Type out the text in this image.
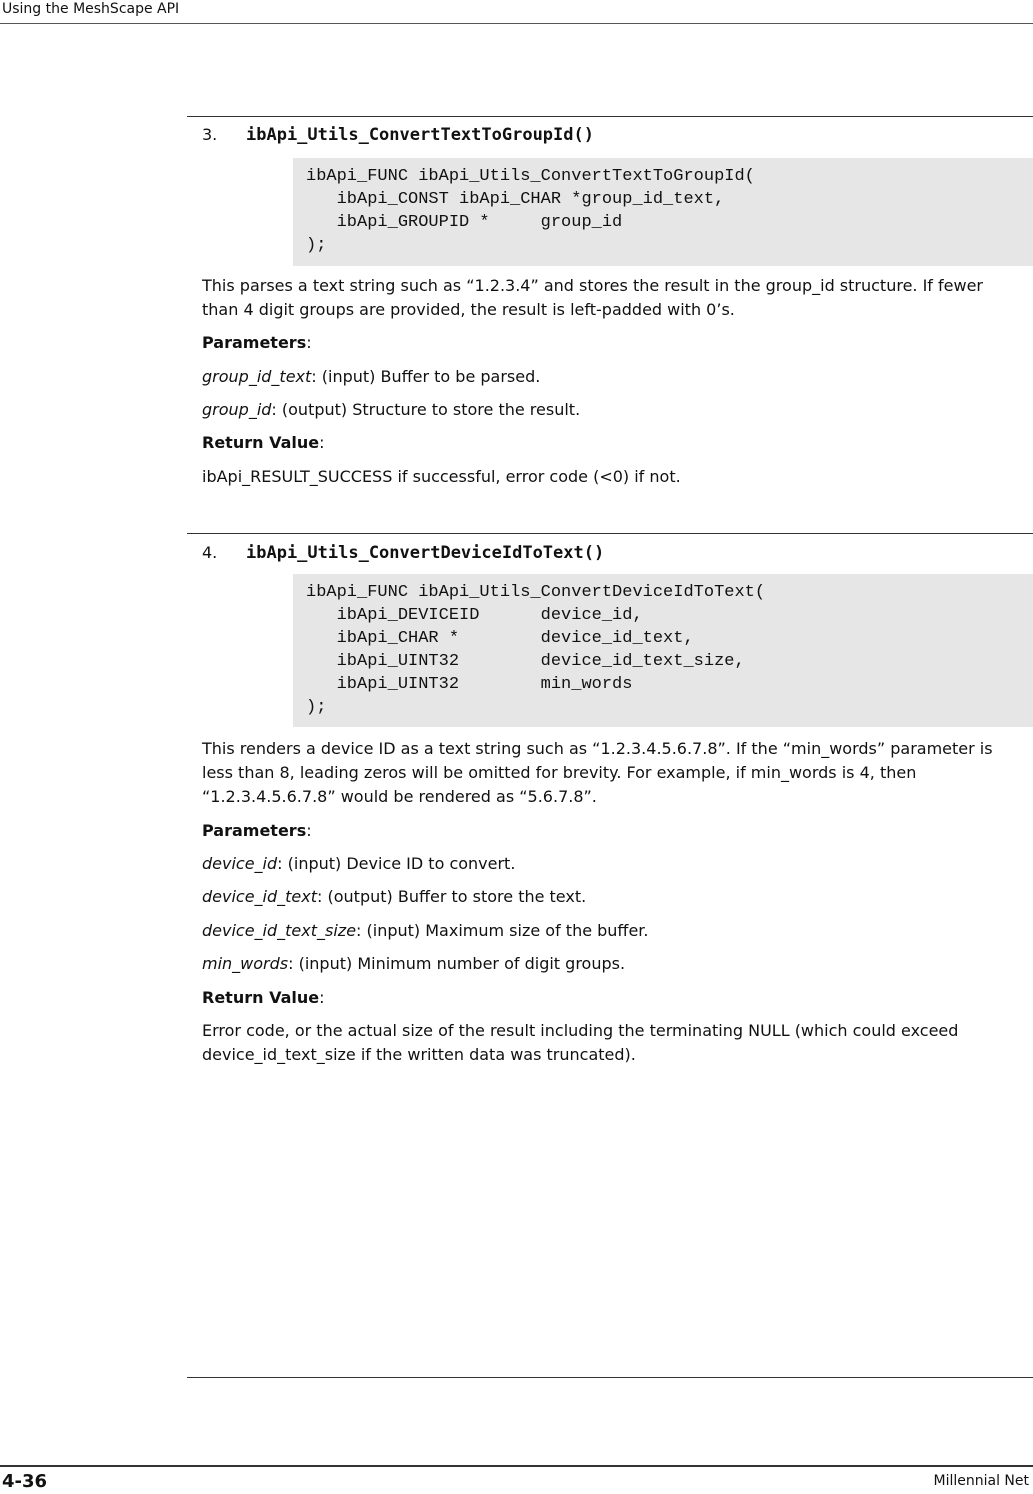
Using the MeshScape API
3. ibApi_Utils_ConvertTextToGroupId()
ibApi_FUNC ibApi_Utils_ConvertTextToGroupId(
ibApi_CONST ibApi_CHAR *group_id_text,
ibApi_GROUPID *     group_id
);

This parses a text string such as “1.2.3.4” and stores the result in the group_id structure. If fewer than 4 digit groups are provided, the result is left-padded with 0’s.

Parameters:

group_id_text: (input) Buffer to be parsed.

group_id: (output) Structure to store the result.

Return Value:

ibApi_RESULT_SUCCESS if successful, error code (<0) if not.

4. ibApi_Utils_ConvertDeviceIdToText()
ibApi_FUNC ibApi_Utils_ConvertDeviceIdToText(
ibApi_DEVICEID      device_id,
ibApi_CHAR *        device_id_text,
ibApi_UINT32        device_id_text_size,
ibApi_UINT32        min_words
);

This renders a device ID as a text string such as “1.2.3.4.5.6.7.8”. If the “min_words” parameter is less than 8, leading zeros will be omitted for brevity. For example, if min_words is 4, then “1.2.3.4.5.6.7.8” would be rendered as “5.6.7.8”.

Parameters:

device_id: (input) Device ID to convert.

device_id_text: (output) Buffer to store the text.

device_id_text_size: (input) Maximum size of the buffer.

min_words: (input) Minimum number of digit groups.

Return Value:

Error code, or the actual size of the result including the terminating NULL (which could exceed device_id_text_size if the written data was truncated).

4-36	Millennial Net
